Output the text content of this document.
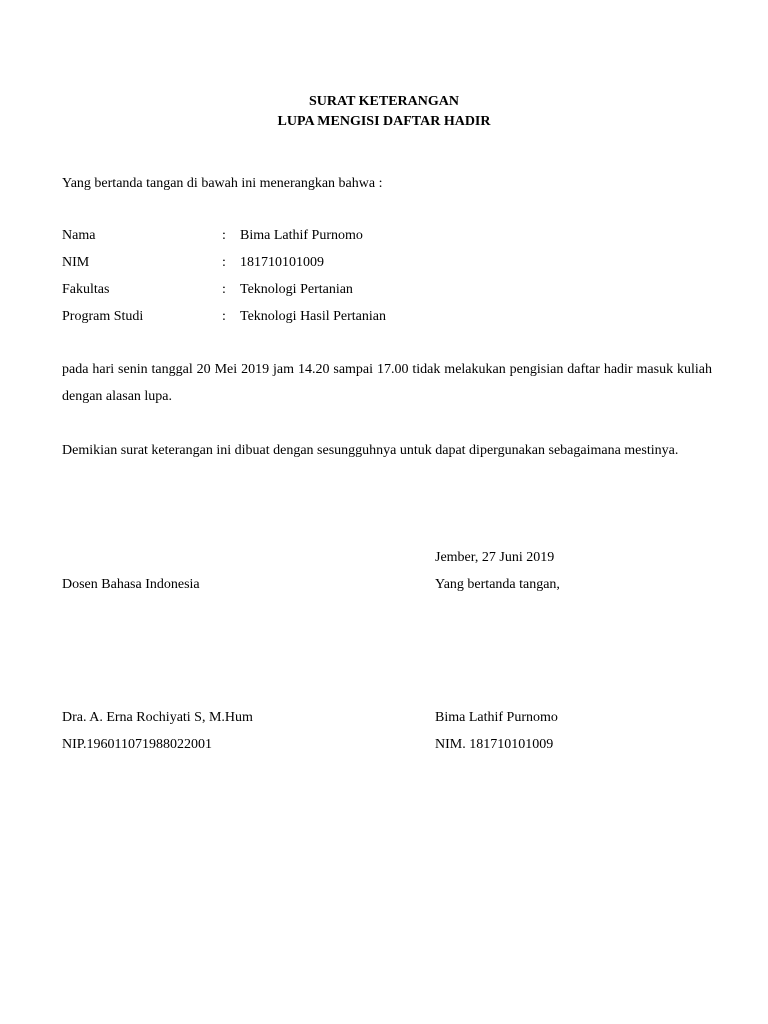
SURAT KETERANGAN
LUPA MENGISI DAFTAR HADIR
Yang bertanda tangan di bawah ini menerangkan bahwa :
Nama	: Bima Lathif Purnomo
NIM	: 181710101009
Fakultas	: Teknologi Pertanian
Program Studi	: Teknologi Hasil Pertanian
pada hari senin tanggal 20 Mei 2019 jam 14.20 sampai 17.00 tidak melakukan pengisian daftar hadir masuk kuliah dengan alasan lupa.
Demikian surat keterangan ini dibuat dengan sesungguhnya untuk dapat dipergunakan sebagaimana mestinya.
Jember, 27 Juni 2019
Dosen Bahasa Indonesia	Yang bertanda tangan,
Dra. A. Erna Rochiyati S, M.Hum
NIP.196011071988022001
Bima Lathif Purnomo
NIM. 181710101009
